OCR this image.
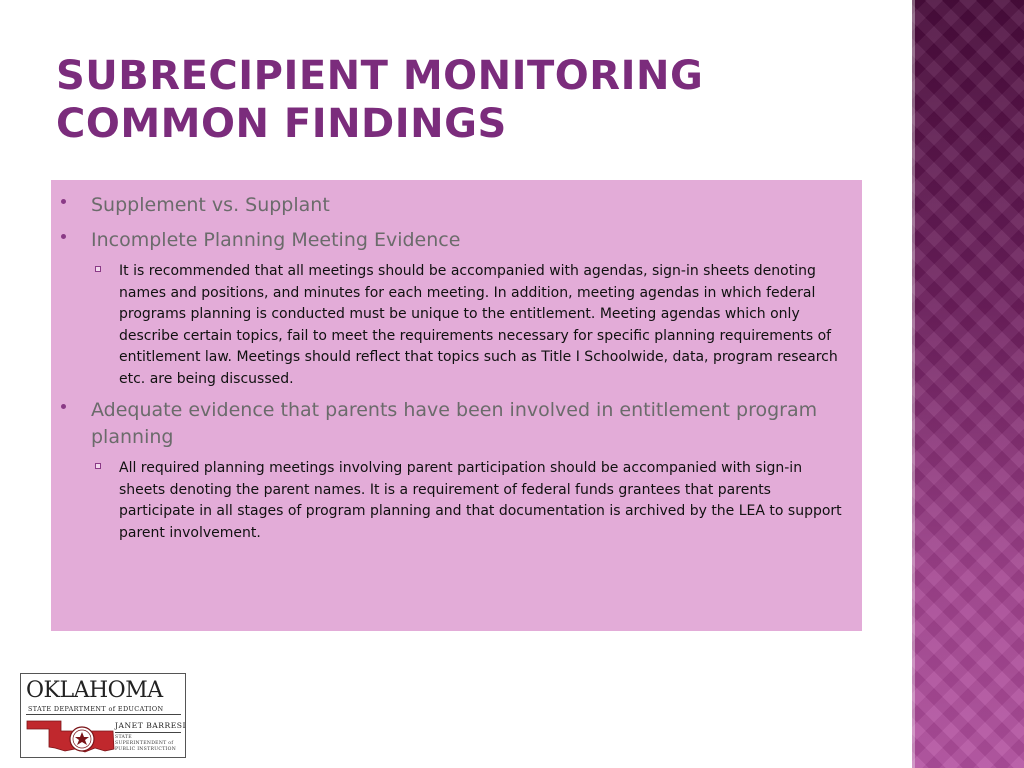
SUBRECIPIENT MONITORING COMMON FINDINGS
Supplement vs. Supplant
Incomplete Planning Meeting Evidence
It is recommended that all meetings should be accompanied with agendas, sign-in sheets denoting names and positions, and minutes for each meeting. In addition, meeting agendas in which federal programs planning is conducted must be unique to the entitlement. Meeting agendas which only describe certain topics, fail to meet the requirements necessary for specific planning requirements of entitlement law. Meetings should reflect that topics such as Title I Schoolwide, data, program research etc. are being discussed.
Adequate evidence that parents have been involved in entitlement program planning
All required planning meetings involving parent participation should be accompanied with sign-in sheets denoting the parent names. It is a requirement of federal funds grantees that parents participate in all stages of program planning and that documentation is archived by the LEA to support parent involvement.
OKLAHOMA
STATE DEPARTMENT of EDUCATION
JANET BARRESI
STATE SUPERINTENDENT of PUBLIC INSTRUCTION
